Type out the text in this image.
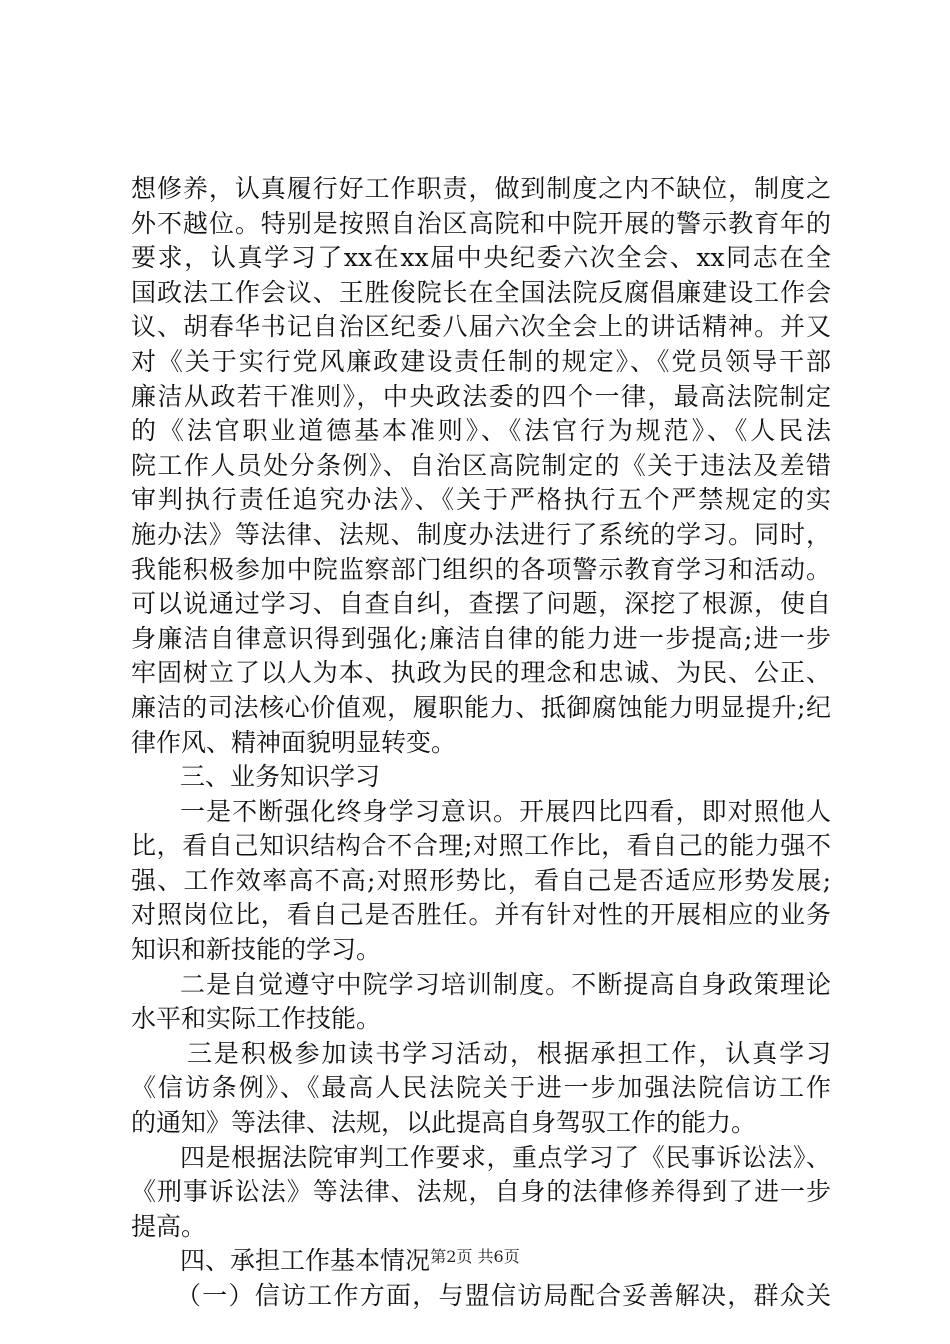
想修养，认真履行好工作职责，做到制度之内不缺位，制度之
外不越位。特别是按照自治区高院和中院开展的警示教育年的
要求，认真学习了xx在xx届中央纪委六次全会、xx同志在全
国政法工作会议、王胜俊院长在全国法院反腐倡廉建设工作会
议、胡春华书记自治区纪委八届六次全会上的讲话精神。并又
对《关于实行党风廉政建设责任制的规定》、《党员领导干部
廉洁从政若干准则》，中央政法委的四个一律，最高法院制定
的《法官职业道德基本准则》、《法官行为规范》、《人民法
院工作人员处分条例》、自治区高院制定的《关于违法及差错
审判执行责任追究办法》、《关于严格执行五个严禁规定的实
施办法》等法律、法规、制度办法进行了系统的学习。同时，
我能积极参加中院监察部门组织的各项警示教育学习和活动。
可以说通过学习、自查自纠，查摆了问题，深挖了根源，使自
身廉洁自律意识得到强化;廉洁自律的能力进一步提高;进一步
牢固树立了以人为本、执政为民的理念和忠诚、为民、公正、
廉洁的司法核心价值观，履职能力、抵御腐蚀能力明显提升;纪
律作风、精神面貌明显转变。
三、业务知识学习
一是不断强化终身学习意识。开展四比四看，即对照他人
比，看自己知识结构合不合理;对照工作比，看自己的能力强不
强、工作效率高不高;对照形势比，看自己是否适应形势发展;
对照岗位比，看自己是否胜任。并有针对性的开展相应的业务
知识和新技能的学习。
二是自觉遵守中院学习培训制度。不断提高自身政策理论
水平和实际工作技能。
三是积极参加读书学习活动，根据承担工作，认真学习
《信访条例》、《最高人民法院关于进一步加强法院信访工作
的通知》等法律、法规，以此提高自身驾驭工作的能力。
四是根据法院审判工作要求，重点学习了《民事诉讼法》、
《刑事诉讼法》等法律、法规，自身的法律修养得到了进一步
提高。
四、承担工作基本情况
（一）信访工作方面，与盟信访局配合妥善解决，群众关
第2页 共6页
